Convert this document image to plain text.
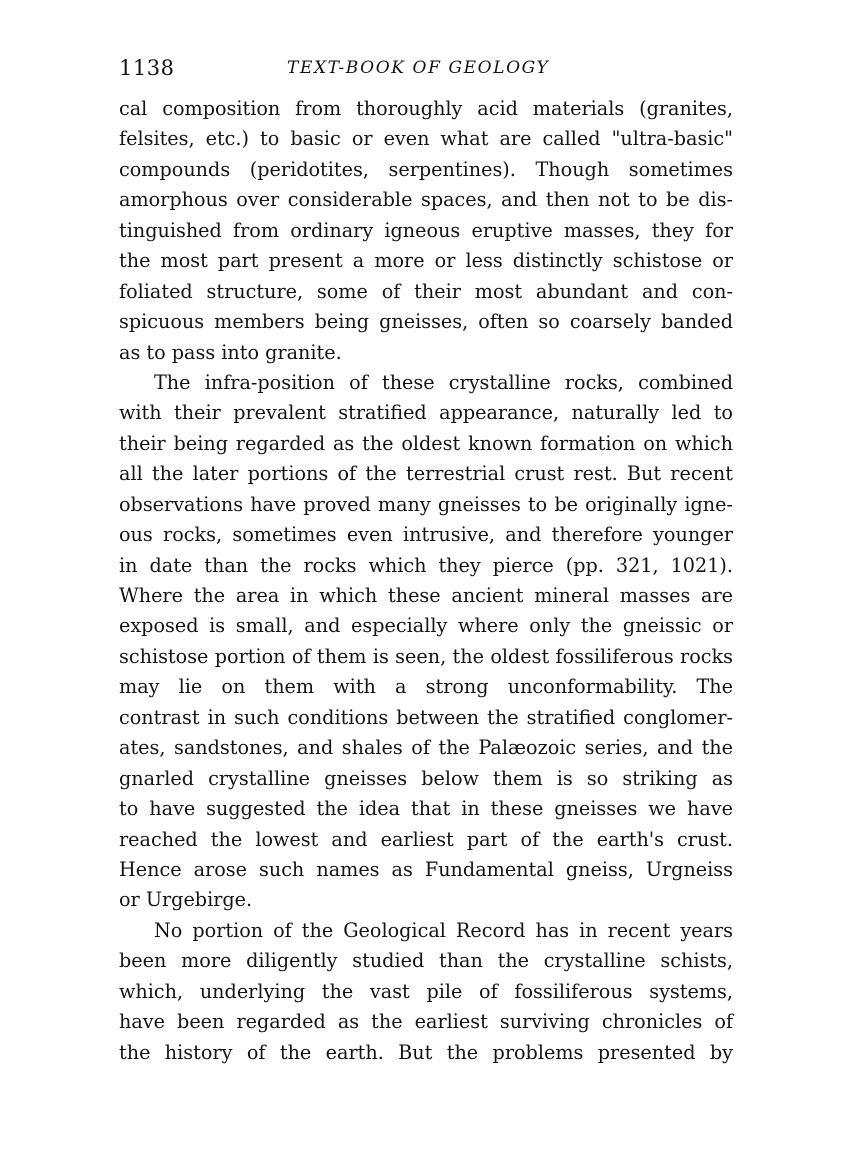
1138	TEXT-BOOK OF GEOLOGY
cal composition from thoroughly acid materials (granites,
felsites, etc.) to basic or even what are called "ultra-basic"
compounds (peridotites, serpentines). Though sometimes
amorphous over considerable spaces, and then not to be dis-
tinguished from ordinary igneous eruptive masses, they for
the most part present a more or less distinctly schistose or
foliated structure, some of their most abundant and con-
spicuous members being gneisses, often so coarsely banded
as to pass into granite.
The infra-position of these crystalline rocks, combined
with their prevalent stratified appearance, naturally led to
their being regarded as the oldest known formation on which
all the later portions of the terrestrial crust rest. But recent
observations have proved many gneisses to be originally igne-
ous rocks, sometimes even intrusive, and therefore younger
in date than the rocks which they pierce (pp. 321, 1021).
Where the area in which these ancient mineral masses are
exposed is small, and especially where only the gneissic or
schistose portion of them is seen, the oldest fossiliferous rocks
may lie on them with a strong unconformability. The
contrast in such conditions between the stratified conglomer-
ates, sandstones, and shales of the Palæozoic series, and the
gnarled crystalline gneisses below them is so striking as
to have suggested the idea that in these gneisses we have
reached the lowest and earliest part of the earth's crust.
Hence arose such names as Fundamental gneiss, Urgneiss
or Urgebirge.
No portion of the Geological Record has in recent years
been more diligently studied than the crystalline schists,
which, underlying the vast pile of fossiliferous systems,
have been regarded as the earliest surviving chronicles of
the history of the earth. But the problems presented by
